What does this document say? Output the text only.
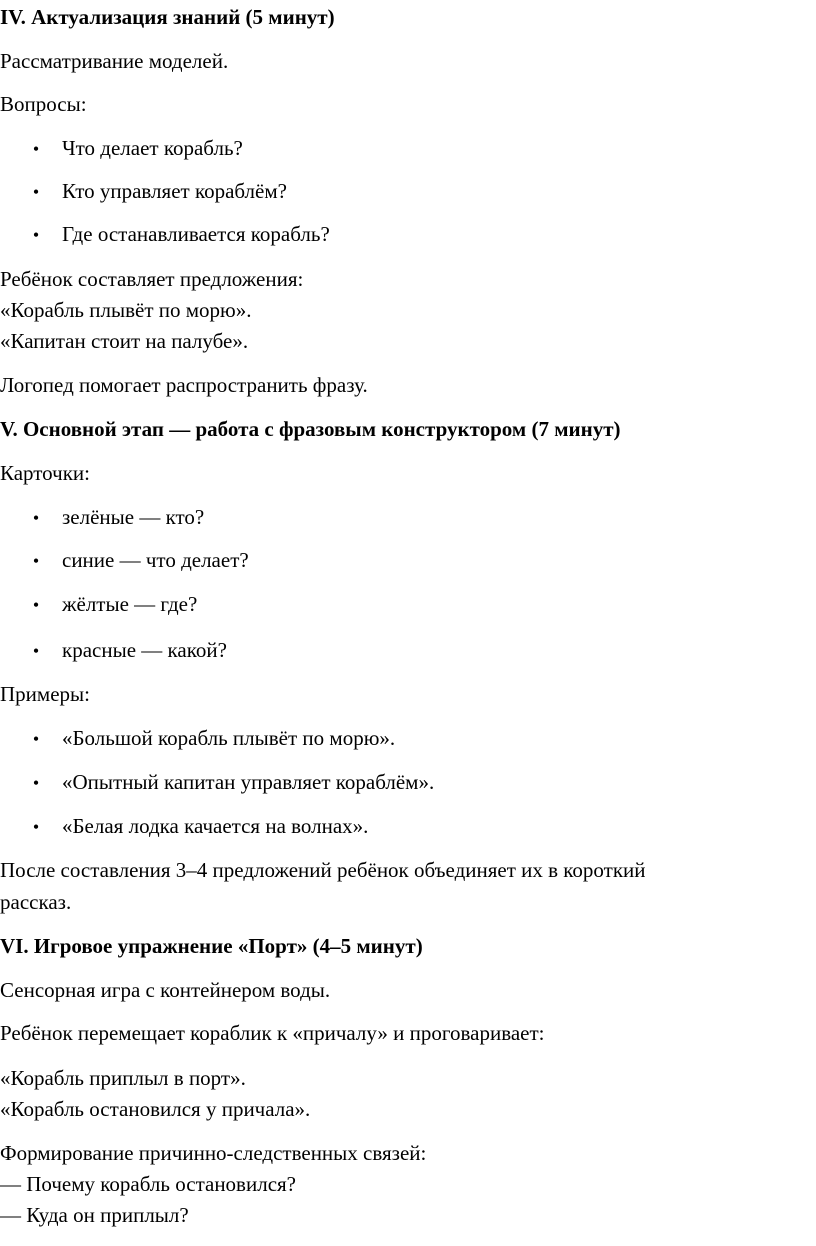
IV. Актуализация знаний (5 минут)
Рассматривание моделей.
Вопросы:
• Что делает корабль?
• Кто управляет кораблём?
• Где останавливается корабль?
Ребёнок составляет предложения:
«Корабль плывёт по морю».
«Капитан стоит на палубе».
Логопед помогает распространить фразу.
V. Основной этап — работа с фразовым конструктором (7 минут)
Карточки:
• зелёные — кто?
• синие — что делает?
• жёлтые — где?
• красные — какой?
Примеры:
• «Большой корабль плывёт по морю».
• «Опытный капитан управляет кораблём».
• «Белая лодка качается на волнах».
После составления 3–4 предложений ребёнок объединяет их в короткий
рассказ.
VI. Игровое упражнение «Порт» (4–5 минут)
Сенсорная игра с контейнером воды.
Ребёнок перемещает кораблик к «причалу» и проговаривает:
«Корабль приплыл в порт».
«Корабль остановился у причала».
Формирование причинно-следственных связей:
— Почему корабль остановился?
— Куда он приплыл?
